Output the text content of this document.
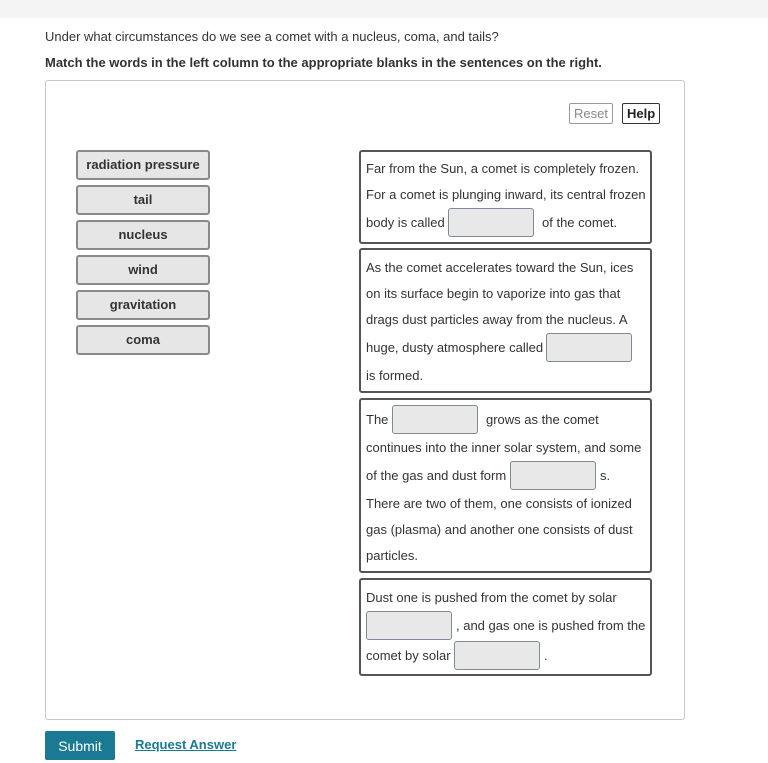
Under what circumstances do we see a comet with a nucleus, coma, and tails?
Match the words in the left column to the appropriate blanks in the sentences on the right.
Reset	Help
radiation pressure
tail
nucleus
wind
gravitation
coma
Far from the Sun, a comet is completely frozen.
For a comet is plunging inward, its central frozen
body is called	of the comet.
As the comet accelerates toward the Sun, ices
on its surface begin to vaporize into gas that
drags dust particles away from the nucleus. A
huge, dusty atmosphere called
is formed.
The	grows as the comet
continues into the inner solar system, and some
of the gas and dust form	s.
There are two of them, one consists of ionized
gas (plasma) and another one consists of dust
particles.
Dust one is pushed from the comet by solar
, and gas one is pushed from the
comet by solar	.
Submit	Request Answer
